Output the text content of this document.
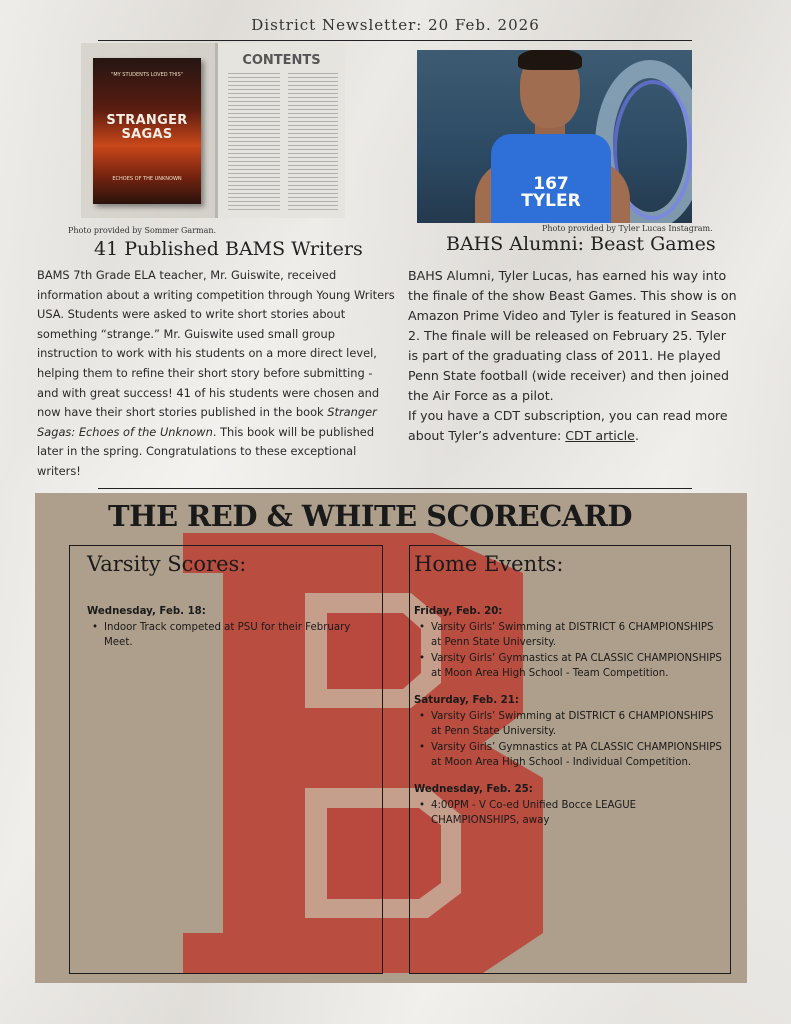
District Newsletter: 20 Feb. 2026
"MY STUDENTS LOVED THIS"
STRANGER SAGAS
ECHOES OF THE UNKNOWN
CONTENTS
Photo provided by Sommer Garman.
167
TYLER
Photo provided by Tyler Lucas Instagram.
41 Published BAMS Writers	BAHS Alumni: Beast Games
BAMS 7th Grade ELA teacher, Mr. Guiswite, received information about a writing competition through Young Writers USA. Students were asked to write short stories about something “strange.” Mr. Guiswite used small group instruction to work with his students on a more direct level, helping them to refine their short story before submitting - and with great success! 41 of his students were chosen and now have their short stories published in the book Stranger Sagas: Echoes of the Unknown. This book will be published later in the spring. Congratulations to these exceptional writers!
BAHS Alumni, Tyler Lucas, has earned his way into the finale of the show Beast Games. This show is on Amazon Prime Video and Tyler is featured in Season 2. The finale will be released on February 25. Tyler is part of the graduating class of 2011. He played Penn State football (wide receiver) and then joined the Air Force as a pilot.
If you have a CDT subscription, you can read more about Tyler’s adventure: CDT article.
THE RED & WHITE SCORECARD
Varsity Scores:
Wednesday, Feb. 18:
• Indoor Track competed at PSU for their February Meet.
Home Events:
Friday, Feb. 20:
• Varsity Girls’ Swimming at DISTRICT 6 CHAMPIONSHIPS at Penn State University.
• Varsity Girls’ Gymnastics at PA CLASSIC CHAMPIONSHIPS at Moon Area High School - Team Competition.
Saturday, Feb. 21:
• Varsity Girls’ Swimming at DISTRICT 6 CHAMPIONSHIPS at Penn State University.
• Varsity Girls’ Gymnastics at PA CLASSIC CHAMPIONSHIPS at Moon Area High School - Individual Competition.
Wednesday, Feb. 25:
• 4:00PM - V Co-ed Unified Bocce LEAGUE CHAMPIONSHIPS, away
